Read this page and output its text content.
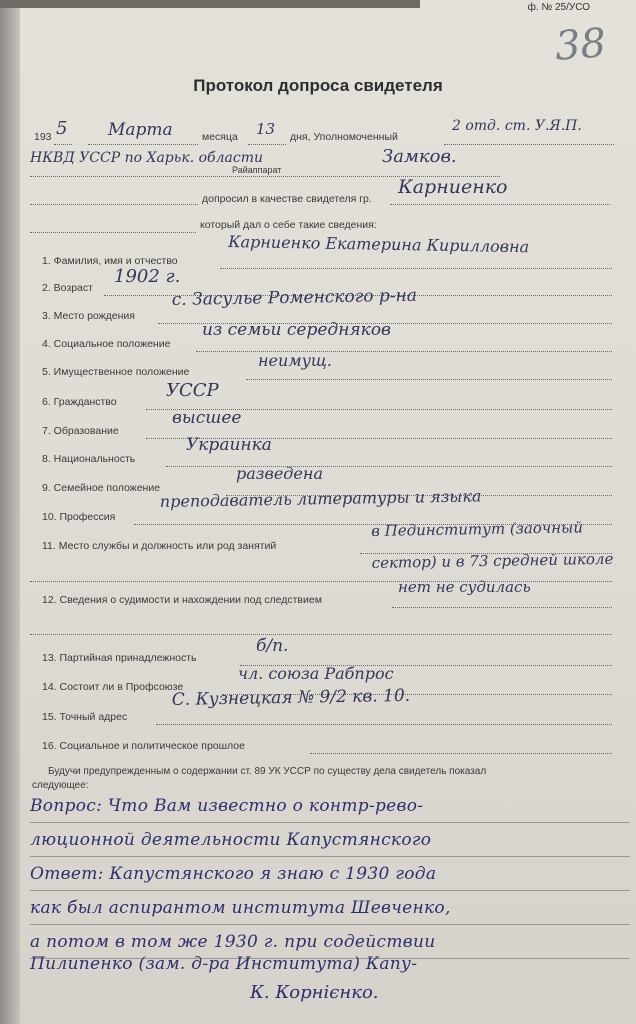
ф. № 25/УСО
38
Протокол допроса свидетеля
193 5 Марта	месяца 13 дня, Уполномоченный
2 отд. ст. У.Я.П.
НКВД УССР по Харьк. области
Райаппарат
Замков.
допросил в качестве свидетеля гр.
Карниенко
который дал о себе такие сведения:
1. Фамилия, имя и отчество
Карниенко Екатерина Кирилловна
2. Возраст
1902 г.
3. Место рождения
с. Засулье Роменского р-на
4. Социальное положение
из семьи середняков
5. Имущественное положение
неимущ.
6. Гражданство
УССР
7. Образование
высшее
8. Национальность
Украинка
9. Семейное положение
разведена
10. Профессия
преподаватель литературы и языка
11. Место службы и должность или род занятий
в Пединститут (заочный сектор) и в 73 средней школе
12. Сведения о судимости и нахождении под следствием
нет не судилась
13. Партийная принадлежность
б/п.
14. Состоит ли в Профсоюзе
чл. союза Рабпрос
15. Точный адрес
С. Кузнецкая № 9/2 кв. 10.
16. Социальное и политическое прошлое
Будучи предупрежденным о содержании ст. 89 УК УССР по существу дела свидетель показал
следующее:
Вопрос: Что Вам известно о контр-рево-
люционной деятельности Капустянского
Ответ: Капустянского я знаю с 1930 года
как был аспирантом института Шевченко,
а потом в том же 1930 г. при содействии
Пилипенко (зам. д-ра Института) Капу-
К. Корнієнко.
